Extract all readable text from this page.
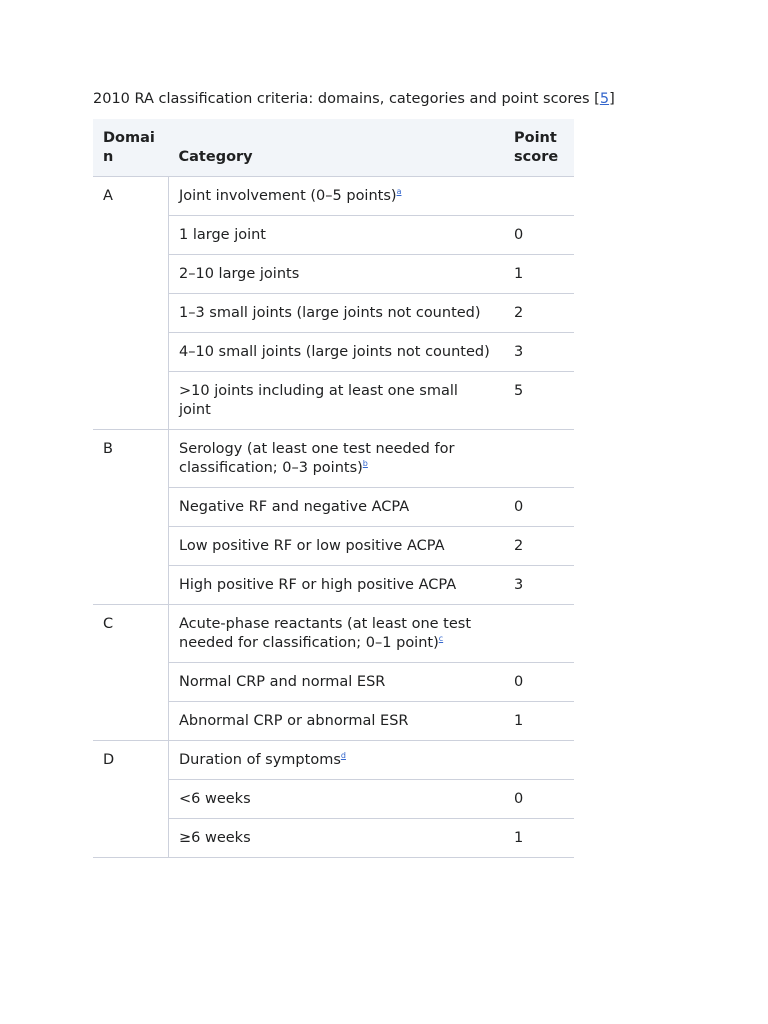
2010 RA classification criteria: domains, categories and point scores [5]
Domain	Category	Point score
A	Joint involvement (0–5 points)$^a$	
	1 large joint	0
	2–10 large joints	1
	1–3 small joints (large joints not counted)	2
	4–10 small joints (large joints not counted)	3
	>10 joints including at least one small joint	5
B	Serology (at least one test needed for classification; 0–3 points)$^b$	
	Negative RF and negative ACPA	0
	Low positive RF or low positive ACPA	2
	High positive RF or high positive ACPA	3
C	Acute-phase reactants (at least one test needed for classification; 0–1 point)$^c$	
	Normal CRP and normal ESR	0
	Abnormal CRP or abnormal ESR	1
D	Duration of symptoms$^d$	
	<6 weeks	0
	≥6 weeks	1
